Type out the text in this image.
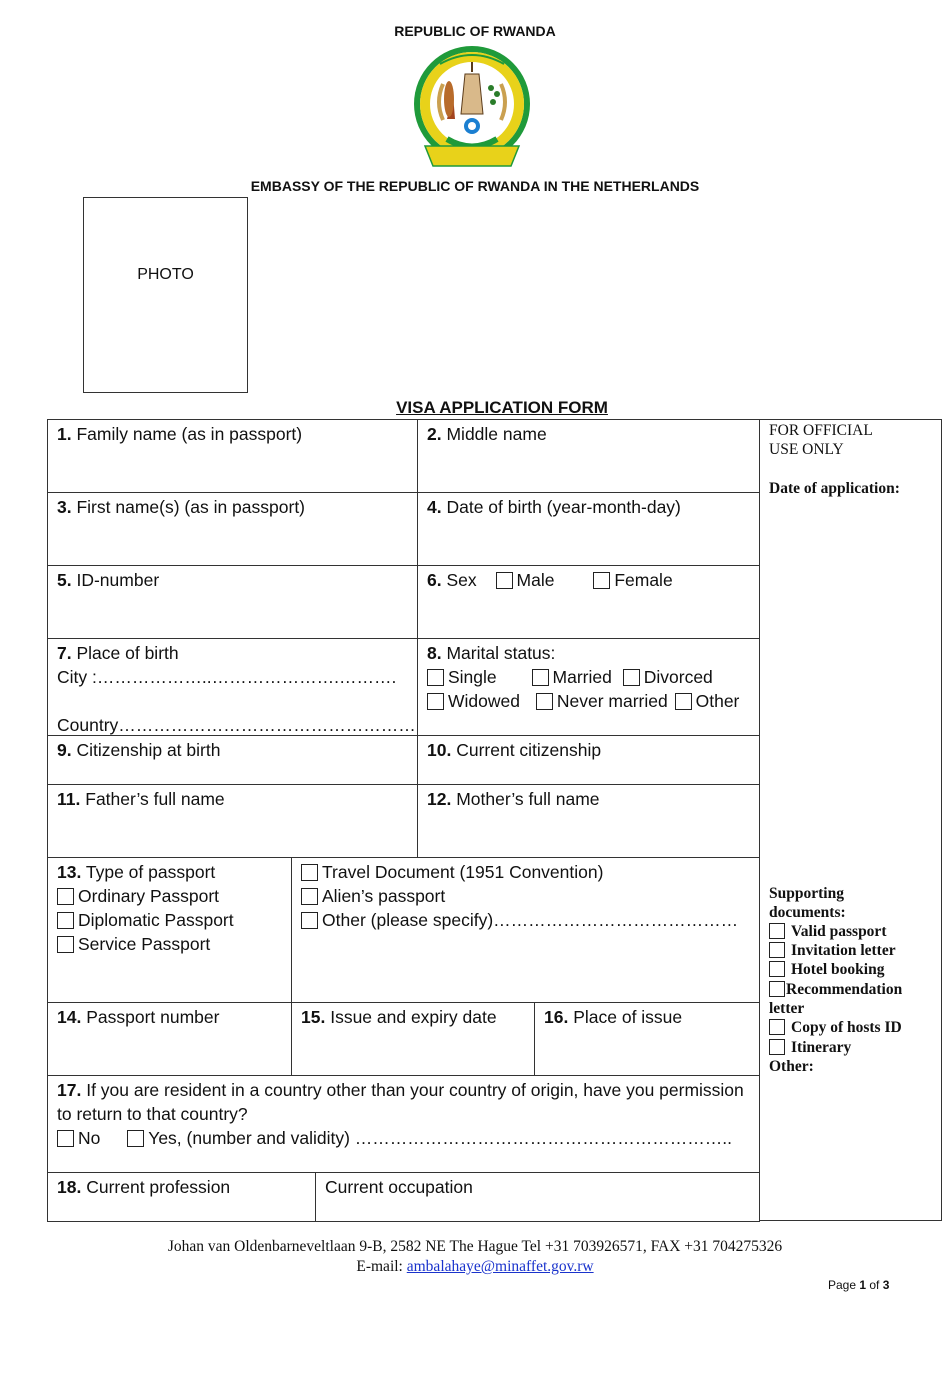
REPUBLIC OF RWANDA
EMBASSY OF THE REPUBLIC OF RWANDA IN THE NETHERLANDS
PHOTO
VISA APPLICATION FORM
1. Family name (as in passport)	2. Middle name
3. First name(s) (as in passport)	4. Date of birth (year-month-day)
5. ID-number	6. Sex Male	Female
7. Place of birth
City :………………..………………….……….

Country……………………………………………
8. Marital status:
Single	Married Divorced
Widowed Never married Other
9. Citizenship at birth	10. Current citizenship
11. Father’s full name	12. Mother’s full name
13. Type of passport
Ordinary Passport
Diplomatic Passport
Service Passport
Travel Document (1951 Convention)
Alien’s passport
Other (please specify)……………………………………
14. Passport number	15. Issue and expiry date	16. Place of issue
17. If you are resident in a country other than your country of origin, have you permission to return to that country?
No	Yes, (number and validity) ………………………………………………………..
18. Current profession	Current occupation
FOR OFFICIAL
USE ONLY
Date of application:
Supporting
documents:
Valid passport
Invitation letter
Hotel booking
Recommendation
letter
Copy of hosts ID
Itinerary
Other:
Johan van Oldenbarneveltlaan 9-B, 2582 NE The Hague Tel +31 703926571, FAX +31 704275326
E-mail: ambalahaye@minaffet.gov.rw
Page 1 of 3
